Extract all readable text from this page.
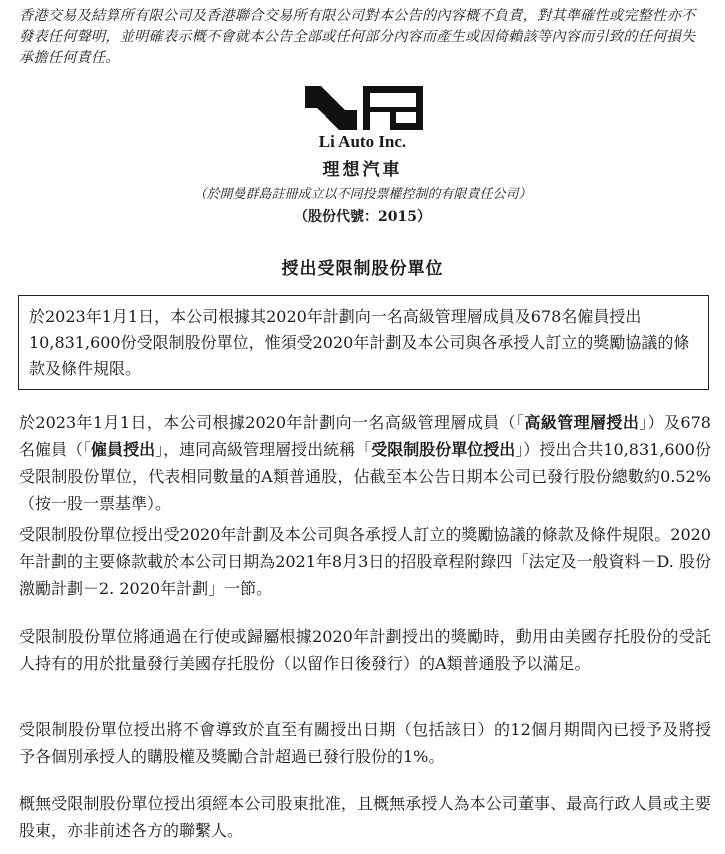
香港交易及結算所有限公司及香港聯合交易所有限公司對本公告的內容概不負責，對其準確性或完整性亦不發表任何聲明，並明確表示概不會就本公告全部或任何部分內容而產生或因倚賴該等內容而引致的任何損失承擔任何責任。
Li Auto Inc.
理想汽車
（於開曼群島註冊成立以不同投票權控制的有限責任公司）
（股份代號：2015）
授出受限制股份單位
於2023年1月1日，本公司根據其2020年計劃向一名高級管理層成員及678名僱員授出10,831,600份受限制股份單位，惟須受2020年計劃及本公司與各承授人訂立的獎勵協議的條款及條件規限。
於2023年1月1日，本公司根據2020年計劃向一名高級管理層成員（「高級管理層授出」）及678名僱員（「僱員授出」，連同高級管理層授出統稱「受限制股份單位授出」）授出合共10,831,600份受限制股份單位，代表相同數量的A類普通股，佔截至本公告日期本公司已發行股份總數約0.52%（按一股一票基準）。
受限制股份單位授出受2020年計劃及本公司與各承授人訂立的獎勵協議的條款及條件規限。2020年計劃的主要條款載於本公司日期為2021年8月3日的招股章程附錄四「法定及一般資料－D. 股份激勵計劃－2. 2020年計劃」一節。
受限制股份單位將通過在行使或歸屬根據2020年計劃授出的獎勵時，動用由美國存托股份的受託人持有的用於批量發行美國存托股份（以留作日後發行）的A類普通股予以滿足。
受限制股份單位授出將不會導致於直至有關授出日期（包括該日）的12個月期間內已授予及將授予各個別承授人的購股權及獎勵合計超過已發行股份的1%。
概無受限制股份單位授出須經本公司股東批准，且概無承授人為本公司董事、最高行政人員或主要股東，亦非前述各方的聯繫人。
